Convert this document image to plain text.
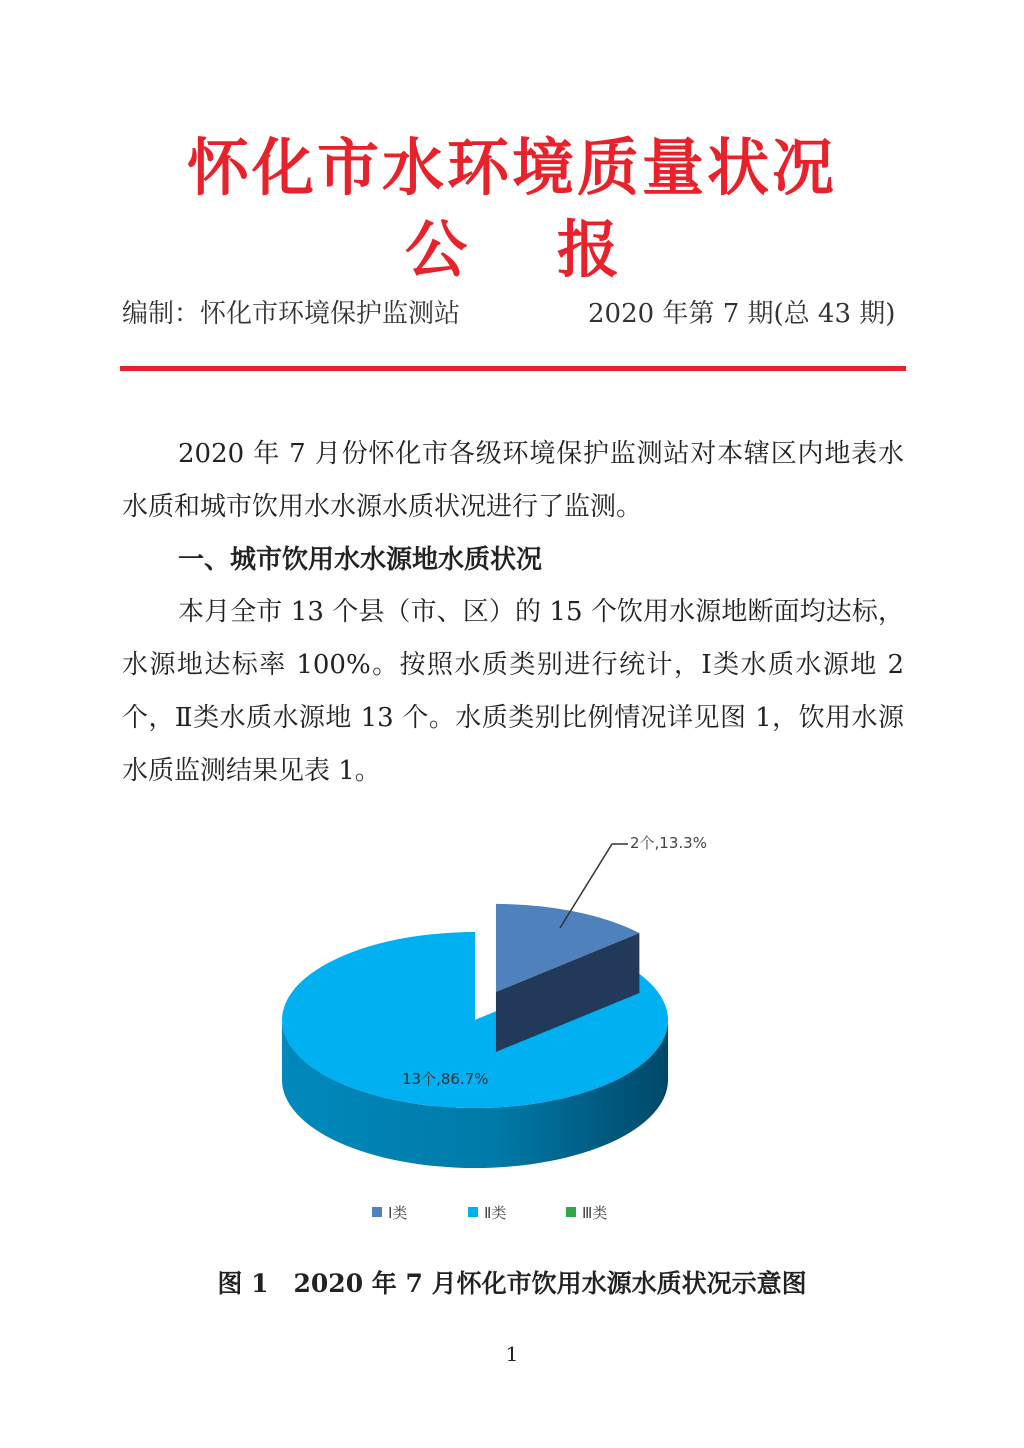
怀化市水环境质量状况
公 报
编制：怀化市环境保护监测站	2020 年第 7 期(总 43 期)
2020 年 7 月份怀化市各级环境保护监测站对本辖区内地表水水质和城市饮用水水源水质状况进行了监测。
一、城市饮用水水源地水质状况
本月全市 13 个县（市、区）的 15 个饮用水源地断面均达标，水源地达标率 100%。按照水质类别进行统计，Ⅰ类水质水源地 2 个，Ⅱ类水质水源地 13 个。水质类别比例情况详见图 1，饮用水源水质监测结果见表 1。
2个,13.3%
13个,86.7%
Ⅰ类	Ⅱ类	Ⅲ类
图 1　2020 年 7 月怀化市饮用水源水质状况示意图
1
